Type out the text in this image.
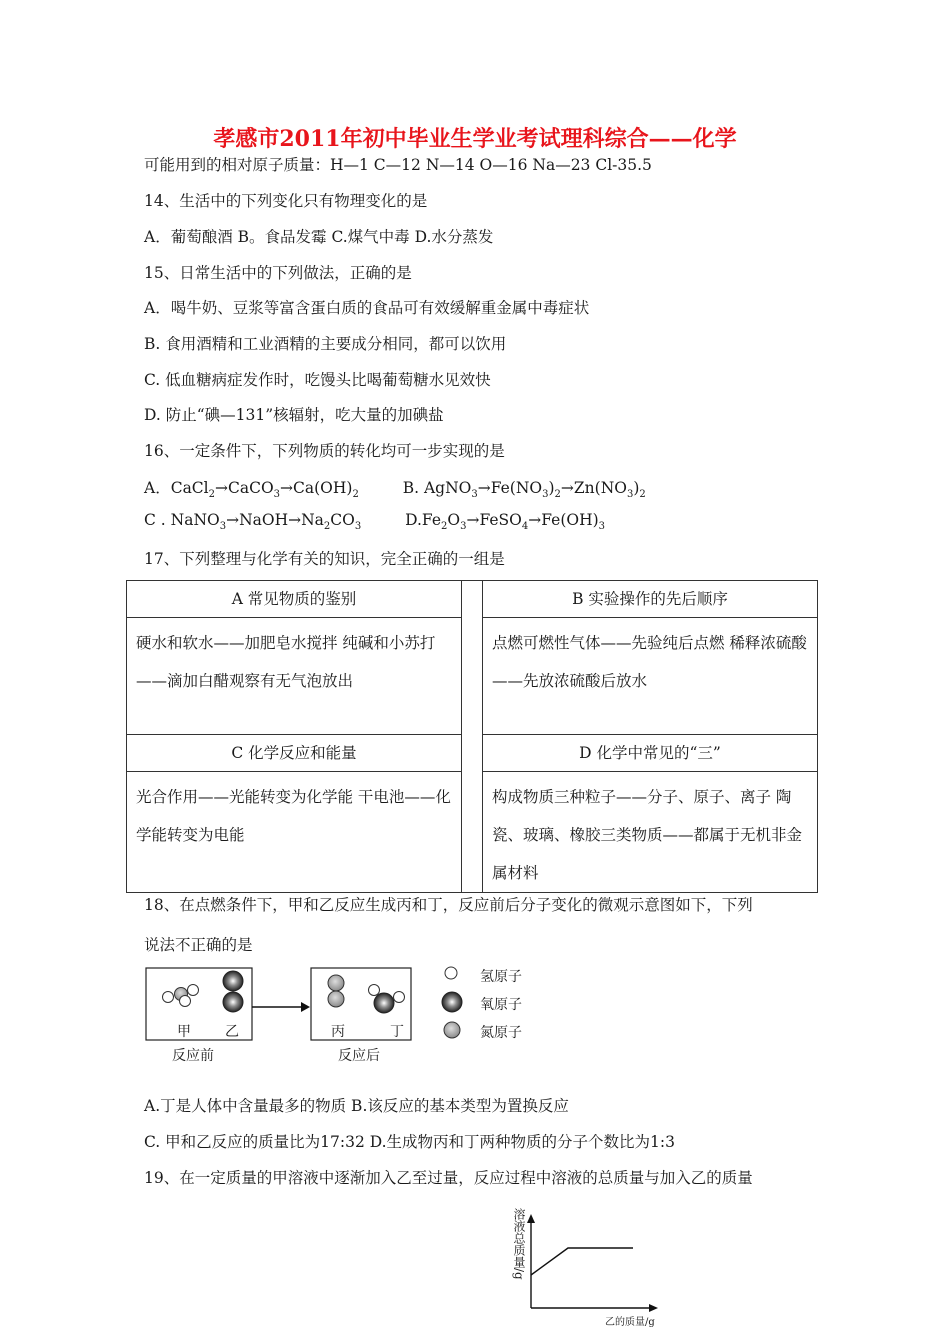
孝感市2011年初中毕业生学业考试理科综合——化学
可能用到的相对原子质量：H—1 C—12 N—14 O—16 Na—23 Cl-35.5
14、生活中的下列变化只有物理变化的是
A．葡萄酿酒 B。食品发霉 C.煤气中毒 D.水分蒸发
15、日常生活中的下列做法，正确的是
A．喝牛奶、豆浆等富含蛋白质的食品可有效缓解重金属中毒症状
B. 食用酒精和工业酒精的主要成分相同，都可以饮用
C. 低血糖病症发作时，吃馒头比喝葡萄糖水见效快
D. 防止“碘—131”核辐射，吃大量的加碘盐
16、一定条件下，下列物质的转化均可一步实现的是
A．$CaCl_2\to CaCO_3\to Ca(OH)_2$	B. $AgNO_3\to Fe(NO_3)_2\to Zn(NO_3)_2$
C . $NaNO_3\to NaOH\to Na_2CO_3$	$D.Fe_2O_3\to FeSO_4\to Fe(OH)_3$
17、下列整理与化学有关的知识，完全正确的一组是
A 常见物质的鉴别		B 实验操作的先后顺序

硬水和软水——加肥皂水搅拌 纯碱和小苏打——滴加白醋观察有无气泡放出		点燃可燃性气体——先验纯后点燃 稀释浓硫酸——先放浓硫酸后放水

C 化学反应和能量		D 化学中常见的“三”

光合作用——光能转变为化学能 干电池——化学能转变为电能		构成物质三种粒子——分子、原子、离子 陶瓷、玻璃、橡胶三类物质——都属于无机非金属材料
18、在点燃条件下，甲和乙反应生成丙和丁，反应前后分子变化的微观示意图如下，下列
说法不正确的是
甲 乙	丙	丁
反应前	反应后
氢原子
氧原子
氮原子
A.丁是人体中含量最多的物质 B.该反应的基本类型为置换反应
C. 甲和乙反应的质量比为17:32 D.生成物丙和丁两种物质的分子个数比为1:3
19、在一定质量的甲溶液中逐渐加入乙至过量，反应过程中溶液的总质量与加入乙的质量
溶液总质量/g
乙的质量/g
